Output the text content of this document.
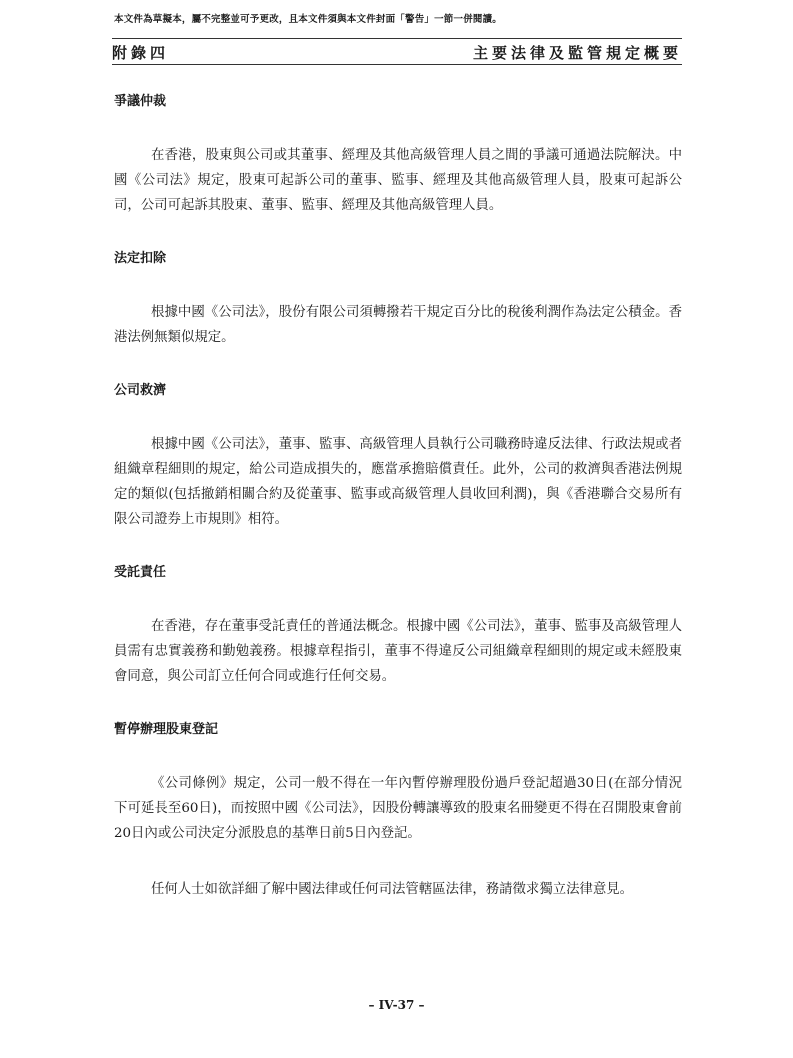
本文件為草擬本，屬不完整並可予更改，且本文件須與本文件封面「警告」一節一併閱讀。
附錄四	主要法律及監管規定概要
爭議仲裁

在香港，股東與公司或其董事、經理及其他高級管理人員之間的爭議可通過法院解決。中國《公司法》規定，股東可起訴公司的董事、監事、經理及其他高級管理人員，股東可起訴公司，公司可起訴其股東、董事、監事、經理及其他高級管理人員。

法定扣除

根據中國《公司法》，股份有限公司須轉撥若干規定百分比的稅後利潤作為法定公積金。香港法例無類似規定。

公司救濟

根據中國《公司法》，董事、監事、高級管理人員執行公司職務時違反法律、行政法規或者組織章程細則的規定，給公司造成損失的，應當承擔賠償責任。此外，公司的救濟與香港法例規定的類似(包括撤銷相關合約及從董事、監事或高級管理人員收回利潤)，與《香港聯合交易所有限公司證券上市規則》相符。

受託責任

在香港，存在董事受託責任的普通法概念。根據中國《公司法》，董事、監事及高級管理人員需有忠實義務和勤勉義務。根據章程指引，董事不得違反公司組織章程細則的規定或未經股東會同意，與公司訂立任何合同或進行任何交易。

暫停辦理股東登記

《公司條例》規定，公司一般不得在一年內暫停辦理股份過戶登記超過30日(在部分情況下可延長至60日)，而按照中國《公司法》，因股份轉讓導致的股東名冊變更不得在召開股東會前20日內或公司決定分派股息的基準日前5日內登記。

任何人士如欲詳細了解中國法律或任何司法管轄區法律，務請徵求獨立法律意見。

– IV-37 –
